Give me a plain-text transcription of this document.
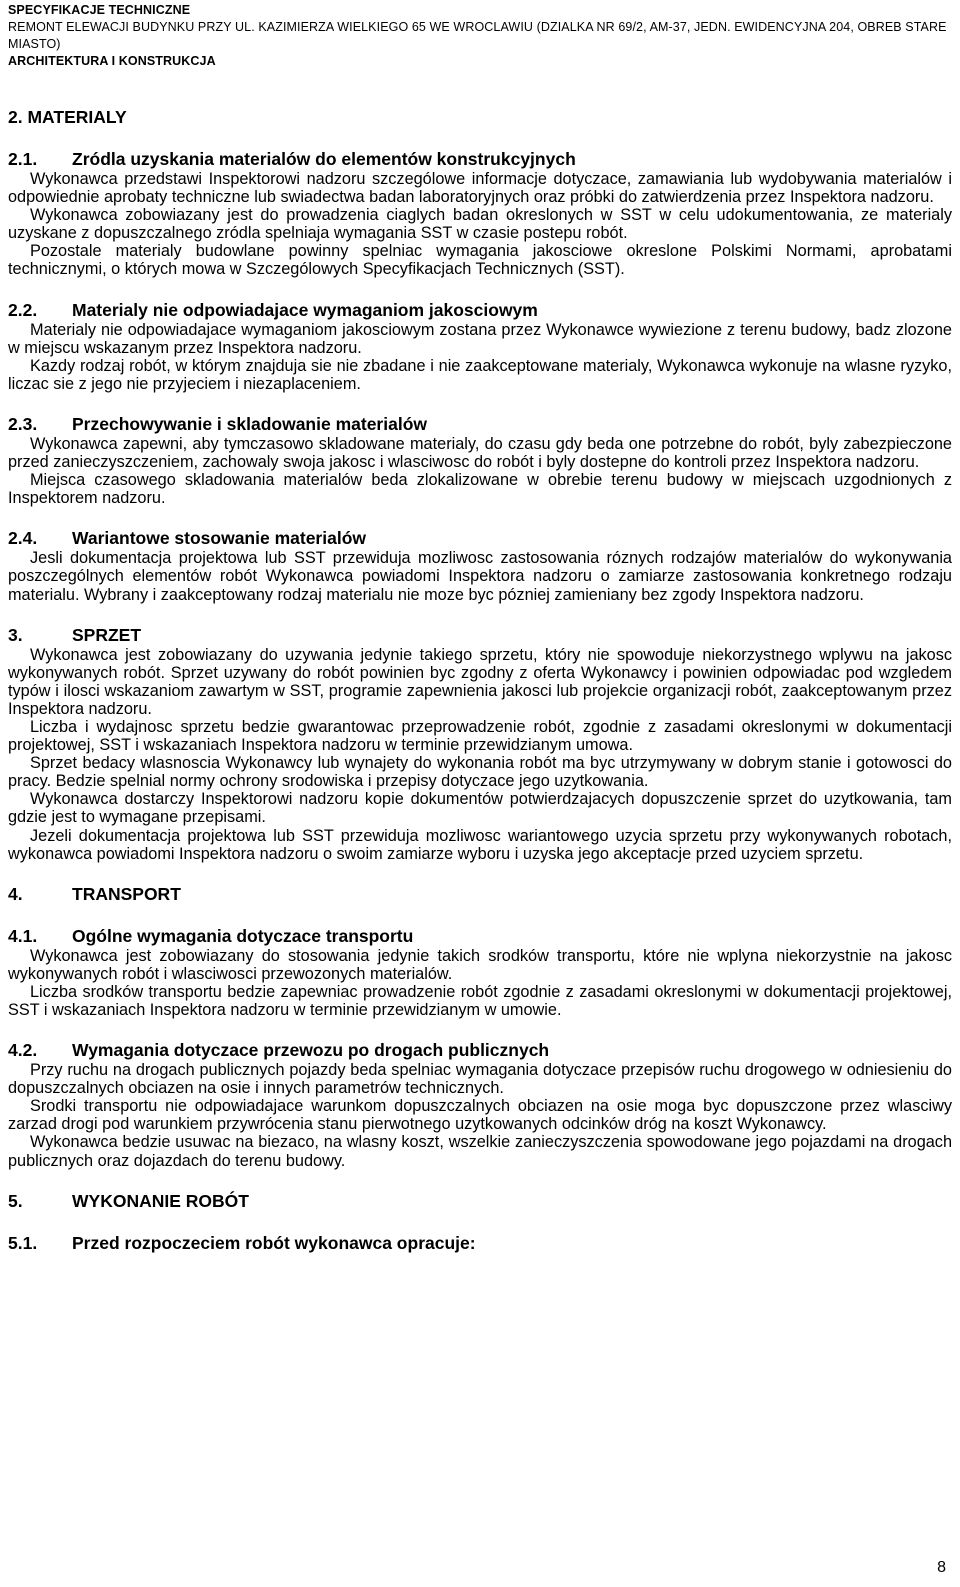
SPECYFIKACJE TECHNICZNE
REMONT ELEWACJI BUDYNKU PRZY UL. KAZIMIERZA WIELKIEGO 65 WE WROCLAWIU (DZIALKA NR 69/2, AM-37, JEDN. EWIDENCYJNA 204, OBREB STARE MIASTO)
ARCHITEKTURA I KONSTRUKCJA
2. MATERIALY
2.1. Zródla uzyskania materialów do elementów konstrukcyjnych

Wykonawca przedstawi Inspektorowi nadzoru szczególowe informacje dotyczace, zamawiania lub wydobywania materialów i odpowiednie aprobaty techniczne lub swiadectwa badan laboratoryjnych oraz próbki do zatwierdzenia przez Inspektora nadzoru.

Wykonawca zobowiazany jest do prowadzenia ciaglych badan okreslonych w SST w celu udokumentowania, ze materialy uzyskane z dopuszczalnego zródla spelniaja wymagania SST w czasie postepu robót.

Pozostale materialy budowlane powinny spelniac wymagania jakosciowe okreslone Polskimi Normami, aprobatami technicznymi, o których mowa w Szczególowych Specyfikacjach Technicznych (SST).

2.2. Materialy nie odpowiadajace wymaganiom jakosciowym

Materialy nie odpowiadajace wymaganiom jakosciowym zostana przez Wykonawce wywiezione z terenu budowy, badz zlozone w miejscu wskazanym przez Inspektora nadzoru.

Kazdy rodzaj robót, w którym znajduja sie nie zbadane i nie zaakceptowane materialy, Wykonawca wykonuje na wlasne ryzyko, liczac sie z jego nie przyjeciem i niezaplaceniem.

2.3. Przechowywanie i skladowanie materialów

Wykonawca zapewni, aby tymczasowo skladowane materialy, do czasu gdy beda one potrzebne do robót, byly zabezpieczone przed zanieczyszczeniem, zachowaly swoja jakosc i wlasciwosc do robót i byly dostepne do kontroli przez Inspektora nadzoru.

Miejsca czasowego skladowania materialów beda zlokalizowane w obrebie terenu budowy w miejscach uzgodnionych z Inspektorem nadzoru.

2.4. Wariantowe stosowanie materialów

Jesli dokumentacja projektowa lub SST przewiduja mozliwosc zastosowania róznych rodzajów materialów do wykonywania poszczególnych elementów robót Wykonawca powiadomi Inspektora nadzoru o zamiarze zastosowania konkretnego rodzaju materialu. Wybrany i zaakceptowany rodzaj materialu nie moze byc pózniej zamieniany bez zgody Inspektora nadzoru.

3.	SPRZET

Wykonawca jest zobowiazany do uzywania jedynie takiego sprzetu, który nie spowoduje niekorzystnego wplywu na jakosc wykonywanych robót. Sprzet uzywany do robót powinien byc zgodny z oferta Wykonawcy i powinien odpowiadac pod wzgledem typów i ilosci wskazaniom zawartym w SST, programie zapewnienia jakosci lub projekcie organizacji robót, zaakceptowanym przez Inspektora nadzoru.

Liczba i wydajnosc sprzetu bedzie gwarantowac przeprowadzenie robót, zgodnie z zasadami okreslonymi w dokumentacji projektowej, SST i wskazaniach Inspektora nadzoru w terminie przewidzianym umowa.

Sprzet bedacy wlasnoscia Wykonawcy lub wynajety do wykonania robót ma byc utrzymywany w dobrym stanie i gotowosci do pracy. Bedzie spelnial normy ochrony srodowiska i przepisy dotyczace jego uzytkowania.

Wykonawca dostarczy Inspektorowi nadzoru kopie dokumentów potwierdzajacych dopuszczenie sprzet do uzytkowania, tam gdzie jest to wymagane przepisami.

Jezeli dokumentacja projektowa lub SST przewiduja mozliwosc wariantowego uzycia sprzetu przy wykonywanych robotach, wykonawca powiadomi Inspektora nadzoru o swoim zamiarze wyboru i uzyska jego akceptacje przed uzyciem sprzetu.

4.	TRANSPORT
4.1. Ogólne wymagania dotyczace transportu

Wykonawca jest zobowiazany do stosowania jedynie takich srodków transportu, które nie wplyna niekorzystnie na jakosc wykonywanych robót i wlasciwosci przewozonych materialów.

Liczba srodków transportu bedzie zapewniac prowadzenie robót zgodnie z zasadami okreslonymi w dokumentacji projektowej, SST i wskazaniach Inspektora nadzoru w terminie przewidzianym w umowie.

4.2. Wymagania dotyczace przewozu po drogach publicznych

Przy ruchu na drogach publicznych pojazdy beda spelniac wymagania dotyczace przepisów ruchu drogowego w odniesieniu do dopuszczalnych obciazen na osie i innych parametrów technicznych.

Srodki transportu nie odpowiadajace warunkom dopuszczalnych obciazen na osie moga byc dopuszczone przez wlasciwy zarzad drogi pod warunkiem przywrócenia stanu pierwotnego uzytkowanych odcinków dróg na koszt Wykonawcy.

Wykonawca bedzie usuwac na biezaco, na wlasny koszt, wszelkie zanieczyszczenia spowodowane jego pojazdami na drogach publicznych oraz dojazdach do terenu budowy.

5.	WYKONANIE ROBÓT
5.1. Przed rozpoczeciem robót wykonawca opracuje:
8
